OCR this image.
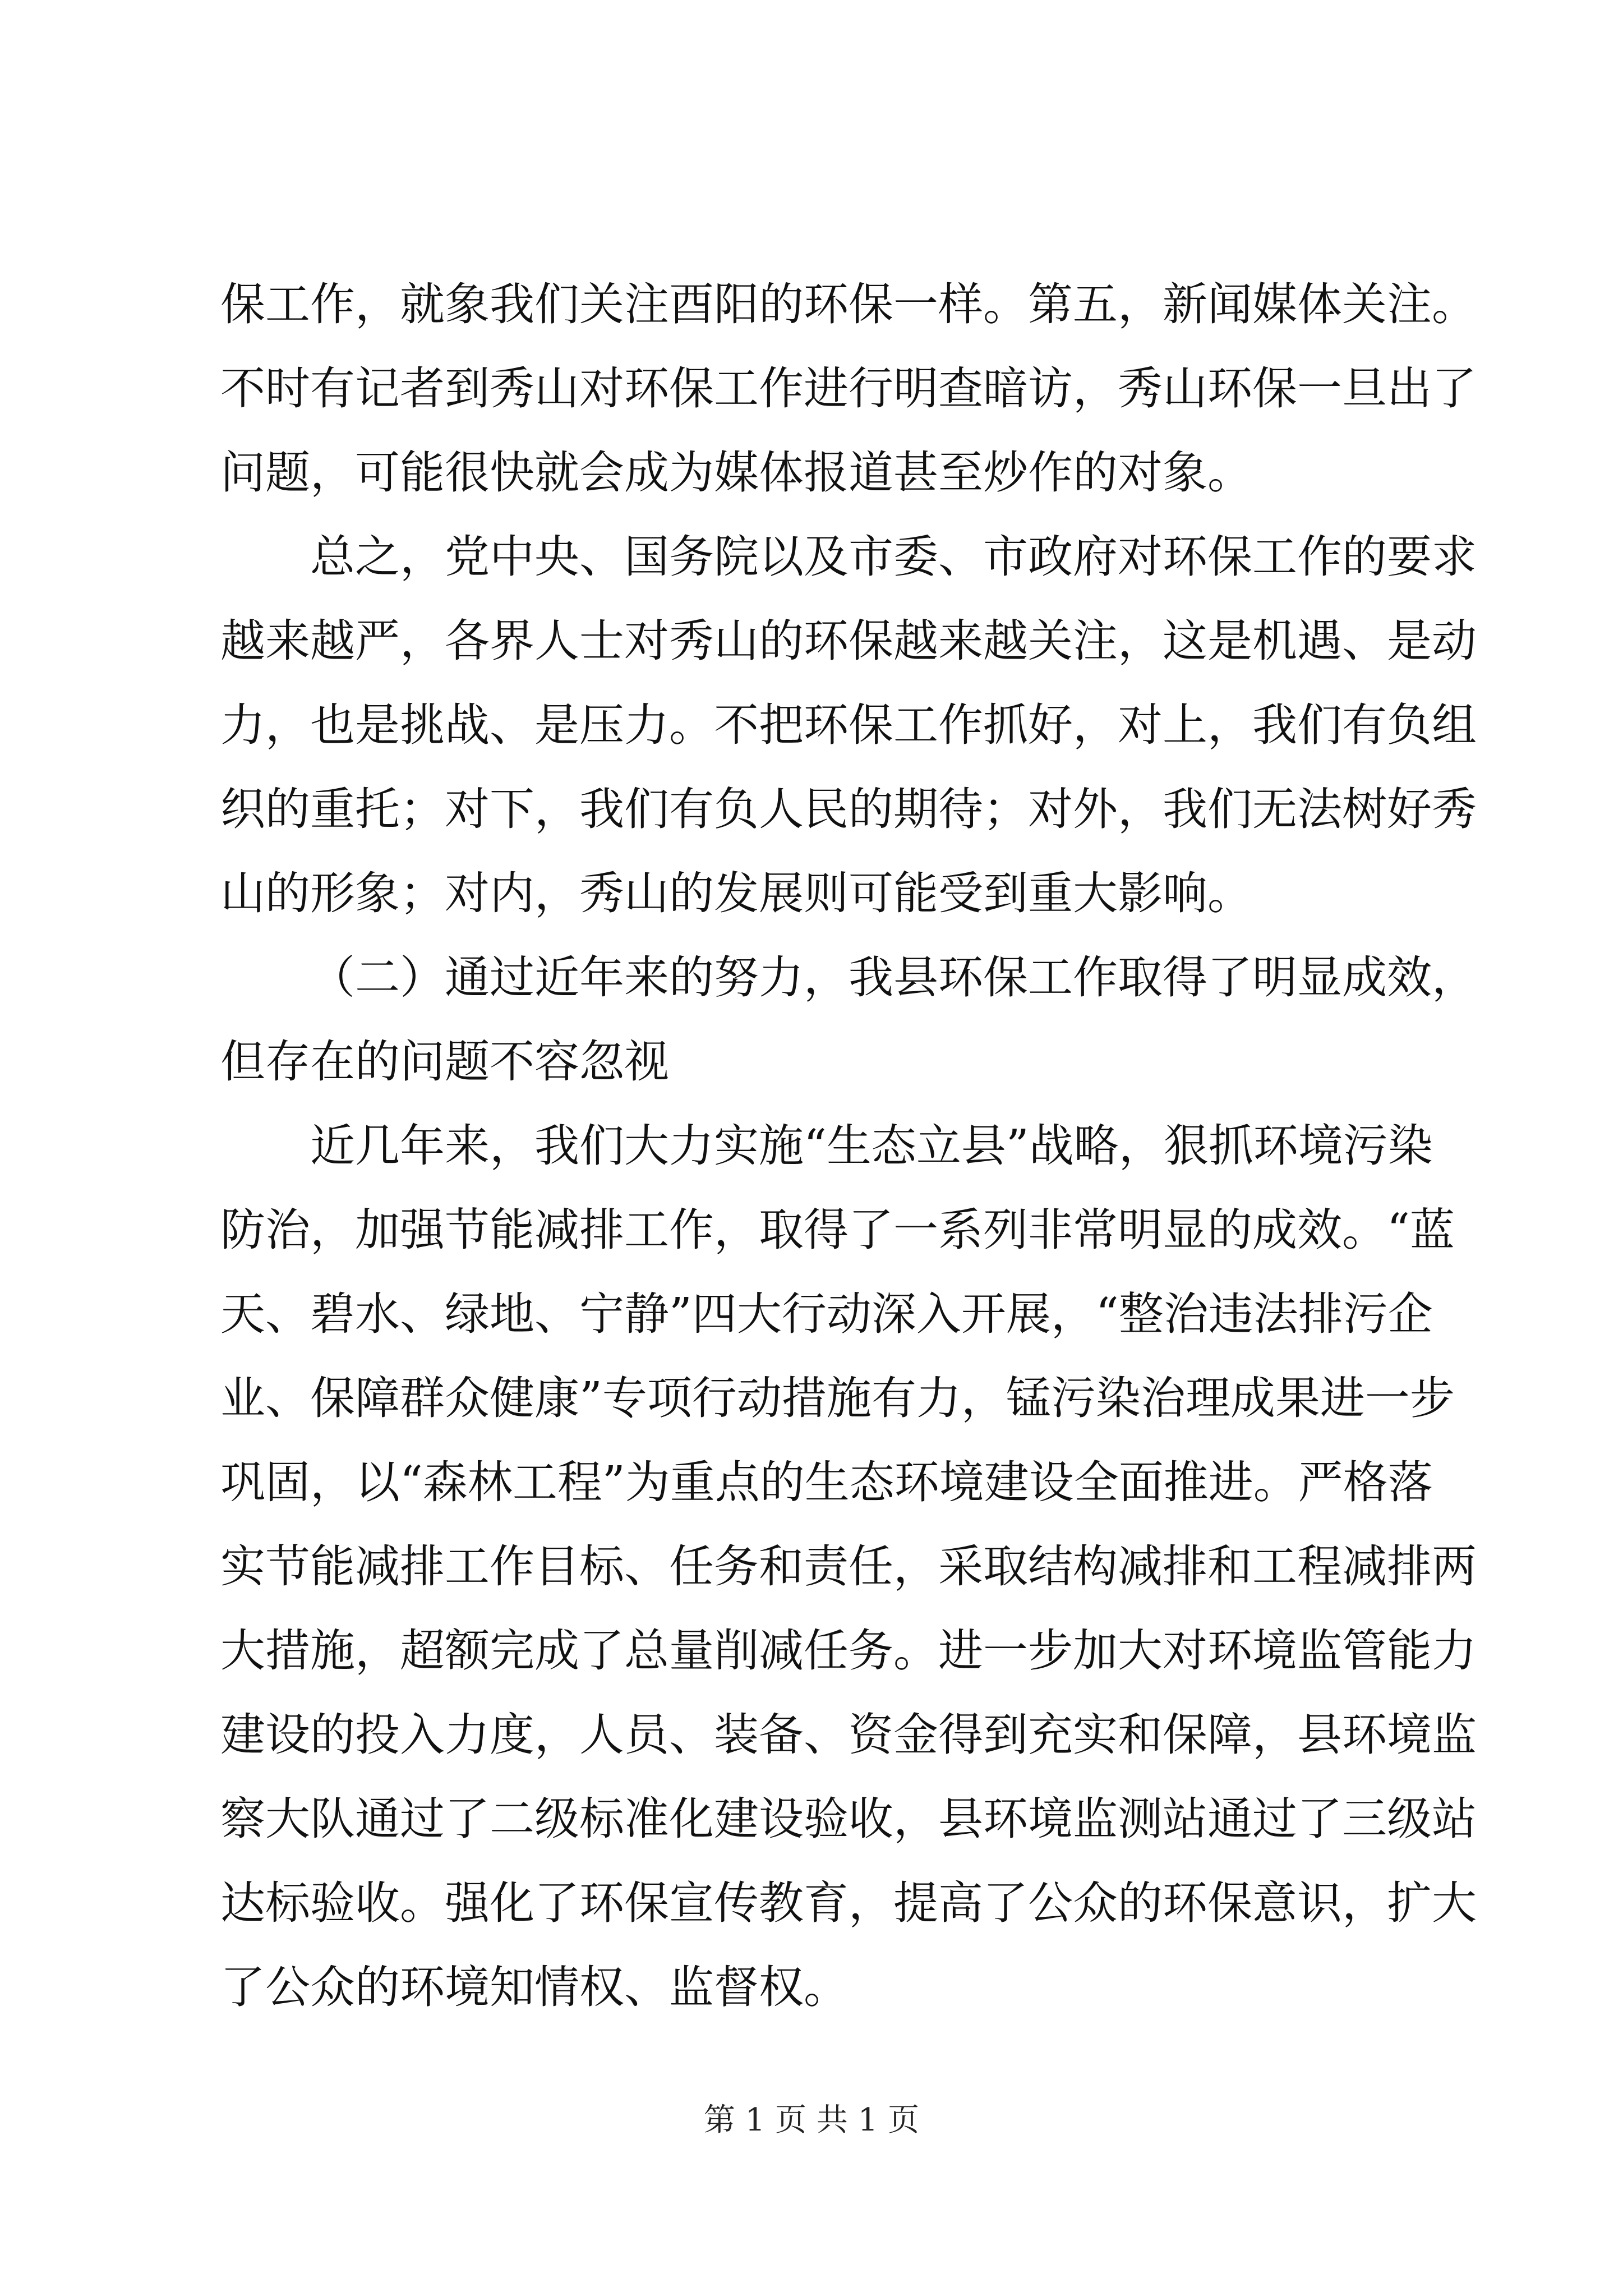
保工作，就象我们关注酉阳的环保一样。第五，新闻媒体关注。
不时有记者到秀山对环保工作进行明查暗访，秀山环保一旦出了
问题，可能很快就会成为媒体报道甚至炒作的对象。
总之，党中央、国务院以及市委、市政府对环保工作的要求
越来越严，各界人士对秀山的环保越来越关注，这是机遇、是动
力，也是挑战、是压力。不把环保工作抓好，对上，我们有负组
织的重托；对下，我们有负人民的期待；对外，我们无法树好秀
山的形象；对内，秀山的发展则可能受到重大影响。
（二）通过近年来的努力，我县环保工作取得了明显成效，
但存在的问题不容忽视
近几年来，我们大力实施“生态立县”战略，狠抓环境污染
防治，加强节能减排工作，取得了一系列非常明显的成效。“蓝
天、碧水、绿地、宁静”四大行动深入开展，“整治违法排污企
业、保障群众健康”专项行动措施有力，锰污染治理成果进一步
巩固，以“森林工程”为重点的生态环境建设全面推进。严格落
实节能减排工作目标、任务和责任，采取结构减排和工程减排两
大措施，超额完成了总量削减任务。进一步加大对环境监管能力
建设的投入力度，人员、装备、资金得到充实和保障，县环境监
察大队通过了二级标准化建设验收，县环境监测站通过了三级站
达标验收。强化了环保宣传教育，提高了公众的环保意识，扩大
了公众的环境知情权、监督权。
第 1 页 共 1 页
